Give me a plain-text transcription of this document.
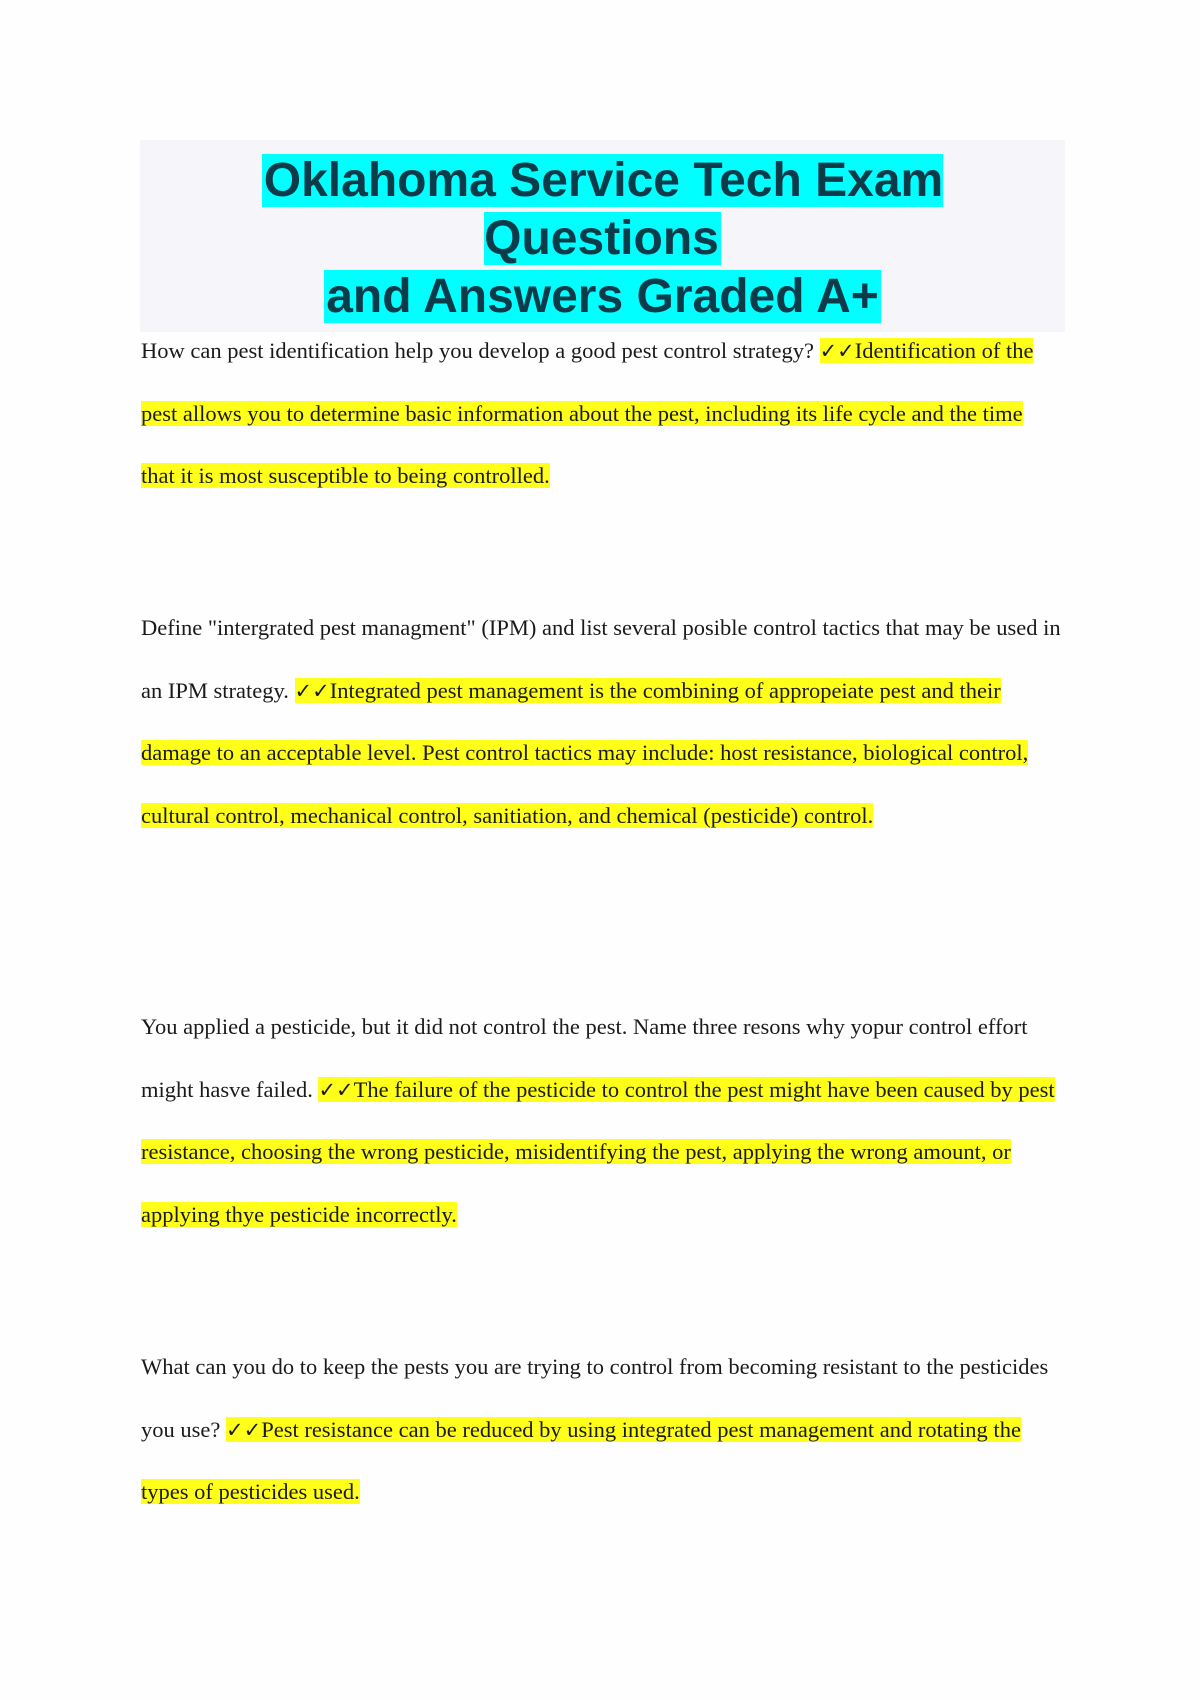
Oklahoma Service Tech Exam Questions
and Answers Graded A+

How can pest identification help you develop a good pest control strategy? ✓✓Identification of the pest allows you to determine basic information about the pest, including its life cycle and the time that it is most susceptible to being controlled.

Define "intergrated pest managment" (IPM) and list several posible control tactics that may be used in an IPM strategy. ✓✓Integrated pest management is the combining of appropeiate pest and their damage to an acceptable level. Pest control tactics may include: host resistance, biological control, cultural control, mechanical control, sanitiation, and chemical (pesticide) control.

You applied a pesticide, but it did not control the pest. Name three resons why yopur control effort might hasve failed. ✓✓The failure of the pesticide to control the pest might have been caused by pest resistance, choosing the wrong pesticide, misidentifying the pest, applying the wrong amount, or applying thye pesticide incorrectly.

What can you do to keep the pests you are trying to control from becoming resistant to the pesticides you use? ✓✓Pest resistance can be reduced by using integrated pest management and rotating the types of pesticides used.
